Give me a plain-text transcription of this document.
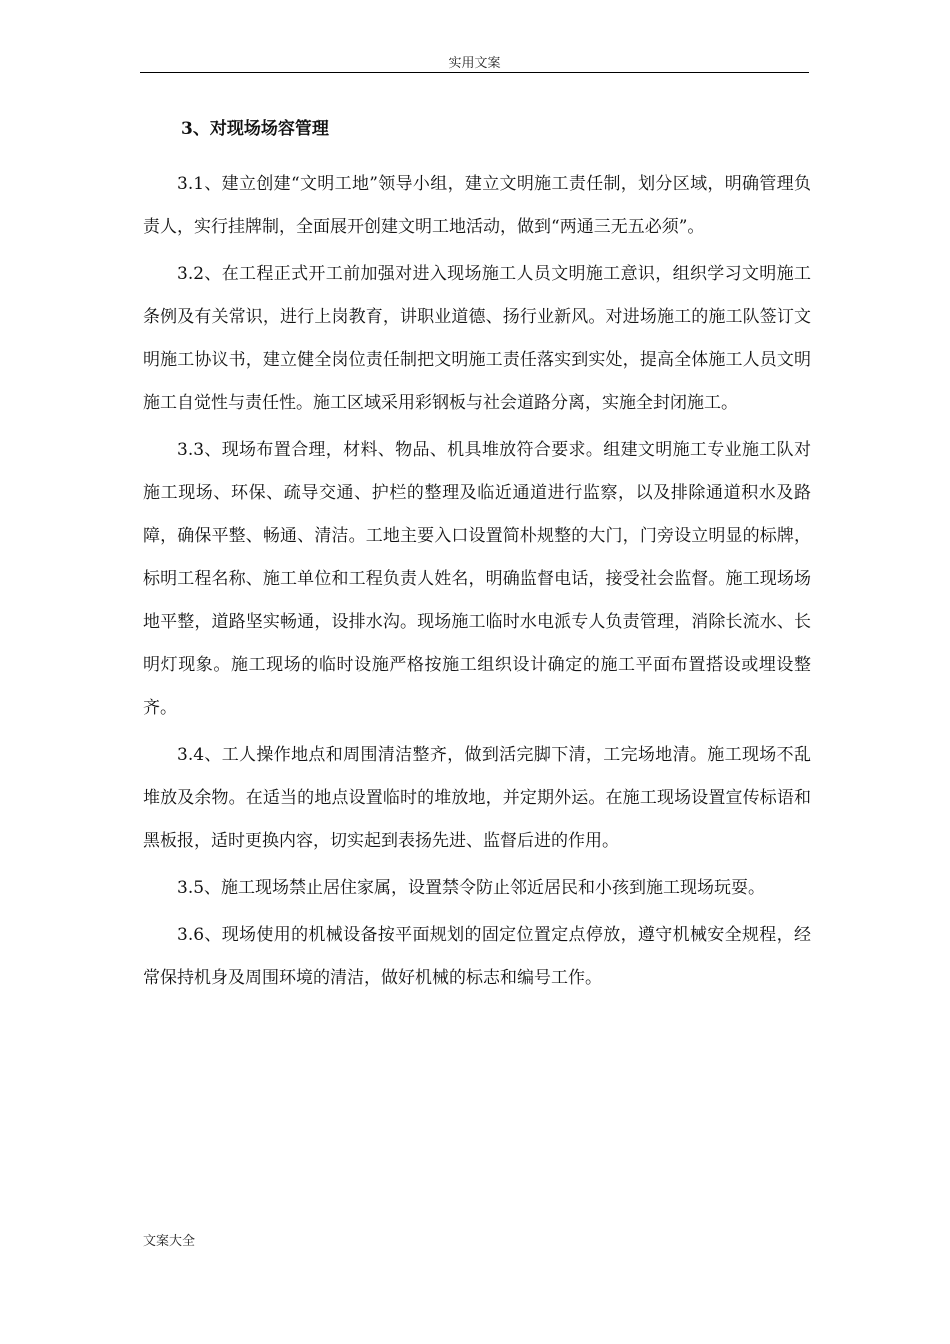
实用文案
3、对现场场容管理

3.1、建立创建“文明工地”领导小组，建立文明施工责任制，划分区域，明确管理负责人，实行挂牌制，全面展开创建文明工地活动，做到“两通三无五必须”。

3.2、在工程正式开工前加强对进入现场施工人员文明施工意识，组织学习文明施工条例及有关常识，进行上岗教育，讲职业道德、扬行业新风。对进场施工的施工队签订文明施工协议书，建立健全岗位责任制把文明施工责任落实到实处，提高全体施工人员文明施工自觉性与责任性。施工区域采用彩钢板与社会道路分离，实施全封闭施工。

3.3、现场布置合理，材料、物品、机具堆放符合要求。组建文明施工专业施工队对施工现场、环保、疏导交通、护栏的整理及临近通道进行监察，以及排除通道积水及路障，确保平整、畅通、清洁。工地主要入口设置简朴规整的大门，门旁设立明显的标牌，标明工程名称、施工单位和工程负责人姓名，明确监督电话，接受社会监督。施工现场场地平整，道路坚实畅通，设排水沟。现场施工临时水电派专人负责管理，消除长流水、长明灯现象。施工现场的临时设施严格按施工组织设计确定的施工平面布置搭设或埋设整齐。

3.4、工人操作地点和周围清洁整齐，做到活完脚下清，工完场地清。施工现场不乱堆放及余物。在适当的地点设置临时的堆放地，并定期外运。在施工现场设置宣传标语和黑板报，适时更换内容，切实起到表扬先进、监督后进的作用。

3.5、施工现场禁止居住家属，设置禁令防止邻近居民和小孩到施工现场玩耍。

3.6、现场使用的机械设备按平面规划的固定位置定点停放，遵守机械安全规程，经常保持机身及周围环境的清洁，做好机械的标志和编号工作。

文案大全
